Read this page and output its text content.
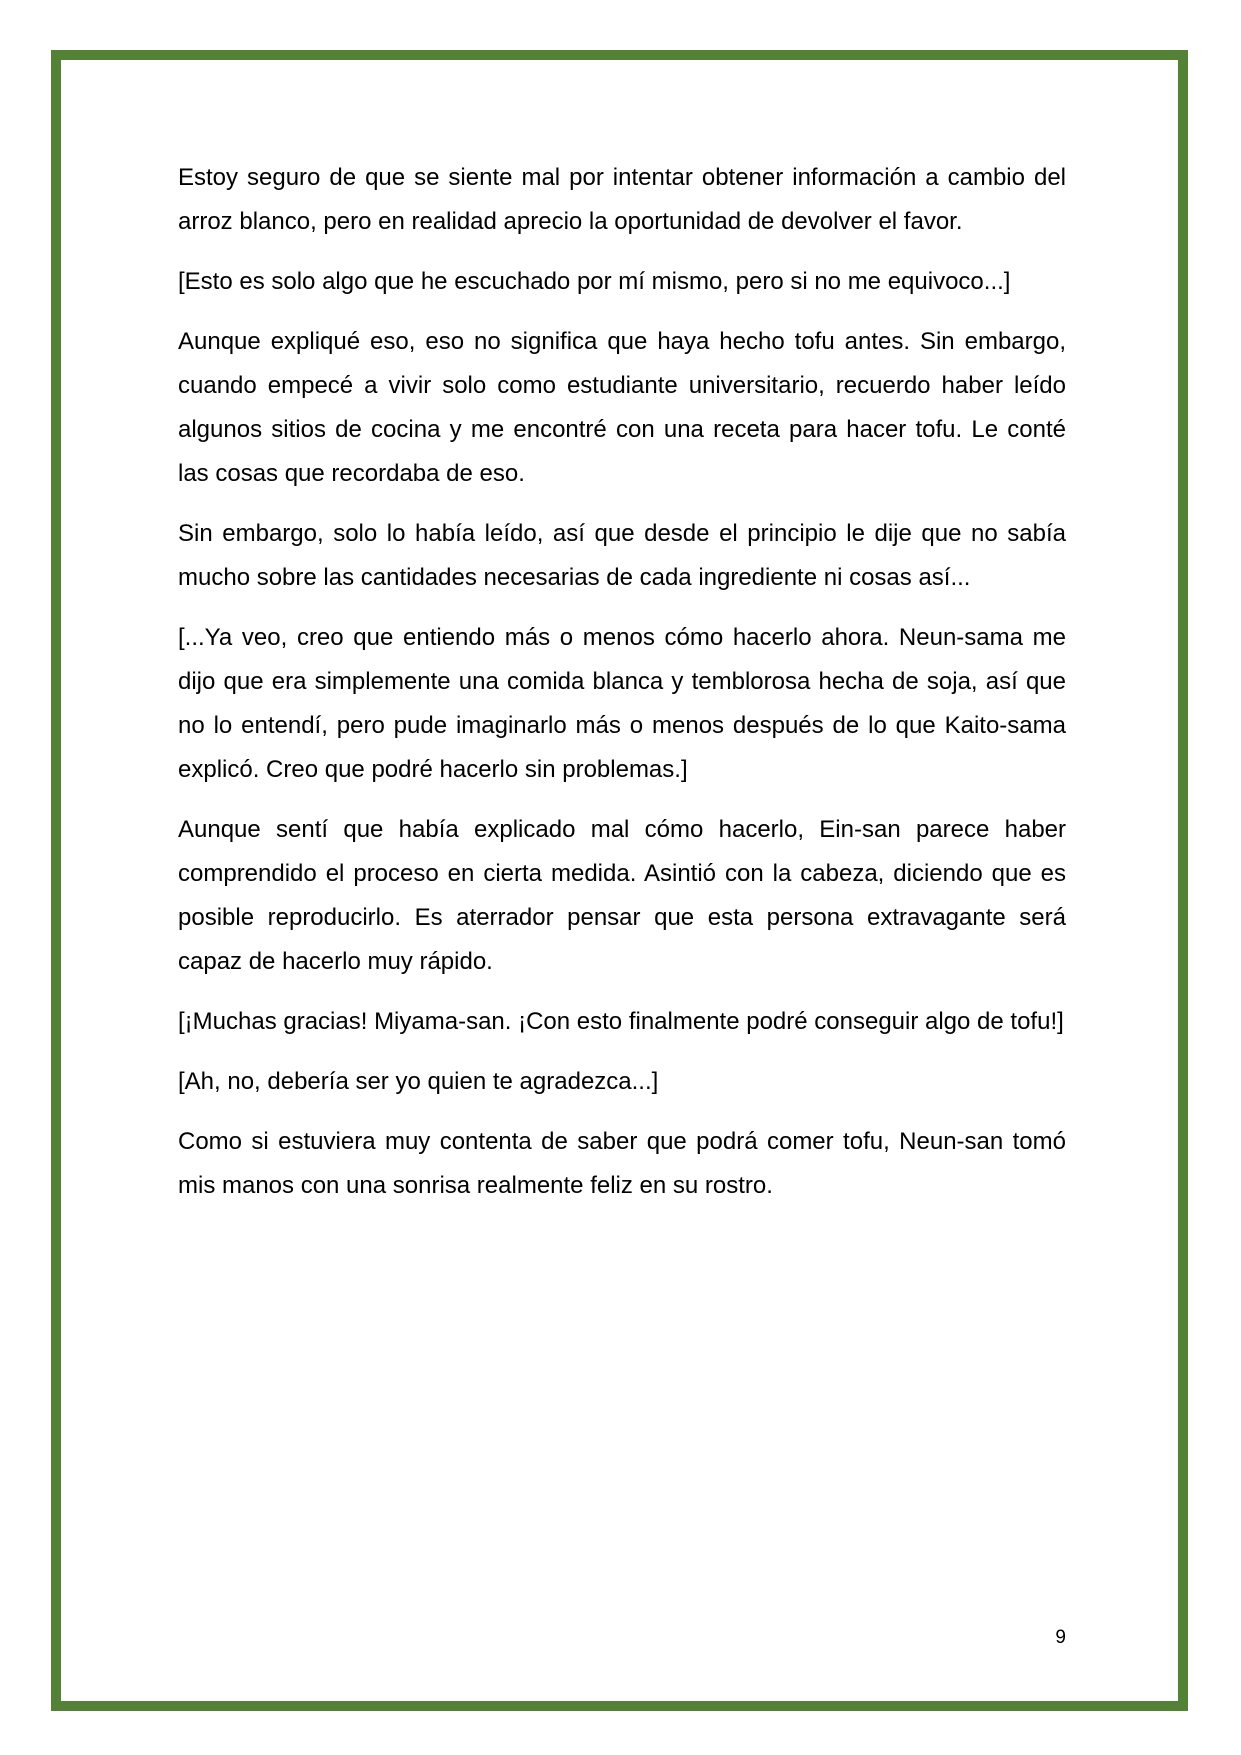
Estoy seguro de que se siente mal por intentar obtener información a cambio del arroz blanco, pero en realidad aprecio la oportunidad de devolver el favor.

[Esto es solo algo que he escuchado por mí mismo, pero si no me equivoco...]

Aunque expliqué eso, eso no significa que haya hecho tofu antes. Sin embargo, cuando empecé a vivir solo como estudiante universitario, recuerdo haber leído algunos sitios de cocina y me encontré con una receta para hacer tofu. Le conté las cosas que recordaba de eso.

Sin embargo, solo lo había leído, así que desde el principio le dije que no sabía mucho sobre las cantidades necesarias de cada ingrediente ni cosas así...

[...Ya veo, creo que entiendo más o menos cómo hacerlo ahora. Neun-sama me dijo que era simplemente una comida blanca y temblorosa hecha de soja, así que no lo entendí, pero pude imaginarlo más o menos después de lo que Kaito-sama explicó. Creo que podré hacerlo sin problemas.]

Aunque sentí que había explicado mal cómo hacerlo, Ein-san parece haber comprendido el proceso en cierta medida. Asintió con la cabeza, diciendo que es posible reproducirlo. Es aterrador pensar que esta persona extravagante será capaz de hacerlo muy rápido.

[¡Muchas gracias! Miyama-san. ¡Con esto finalmente podré conseguir algo de tofu!]

[Ah, no, debería ser yo quien te agradezca...]

Como si estuviera muy contenta de saber que podrá comer tofu, Neun-san tomó mis manos con una sonrisa realmente feliz en su rostro.

9
